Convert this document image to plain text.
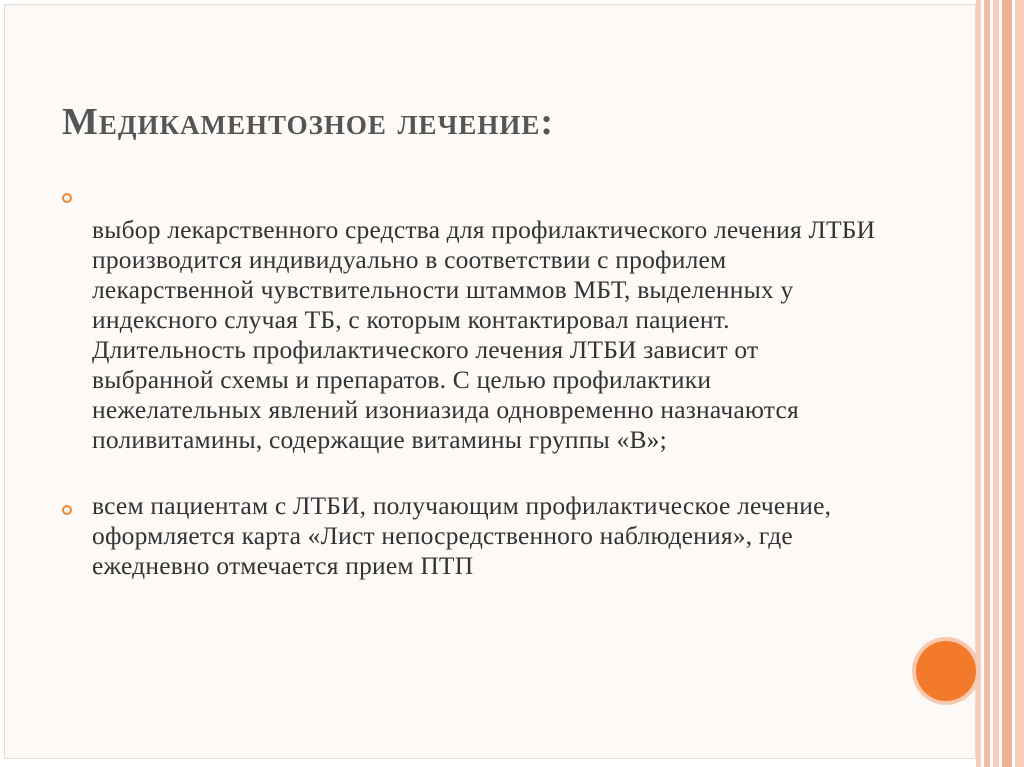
Медикаментозное лечение:
выбор лекарственного средства для профилактического лечения ЛТБИ производится индивидуально в соответствии с профилем лекарственной чувствительности штаммов МБТ, выделенных у индексного случая ТБ, с которым контактировал пациент. Длительность профилактического лечения ЛТБИ зависит от выбранной схемы и препаратов. С целью профилактики нежелательных явлений изониазида одновременно назначаются поливитамины, содержащие витамины группы «В»;
всем пациентам с ЛТБИ, получающим профилактическое лечение, оформляется карта «Лист непосредственного наблюдения», где ежедневно отмечается прием ПТП
